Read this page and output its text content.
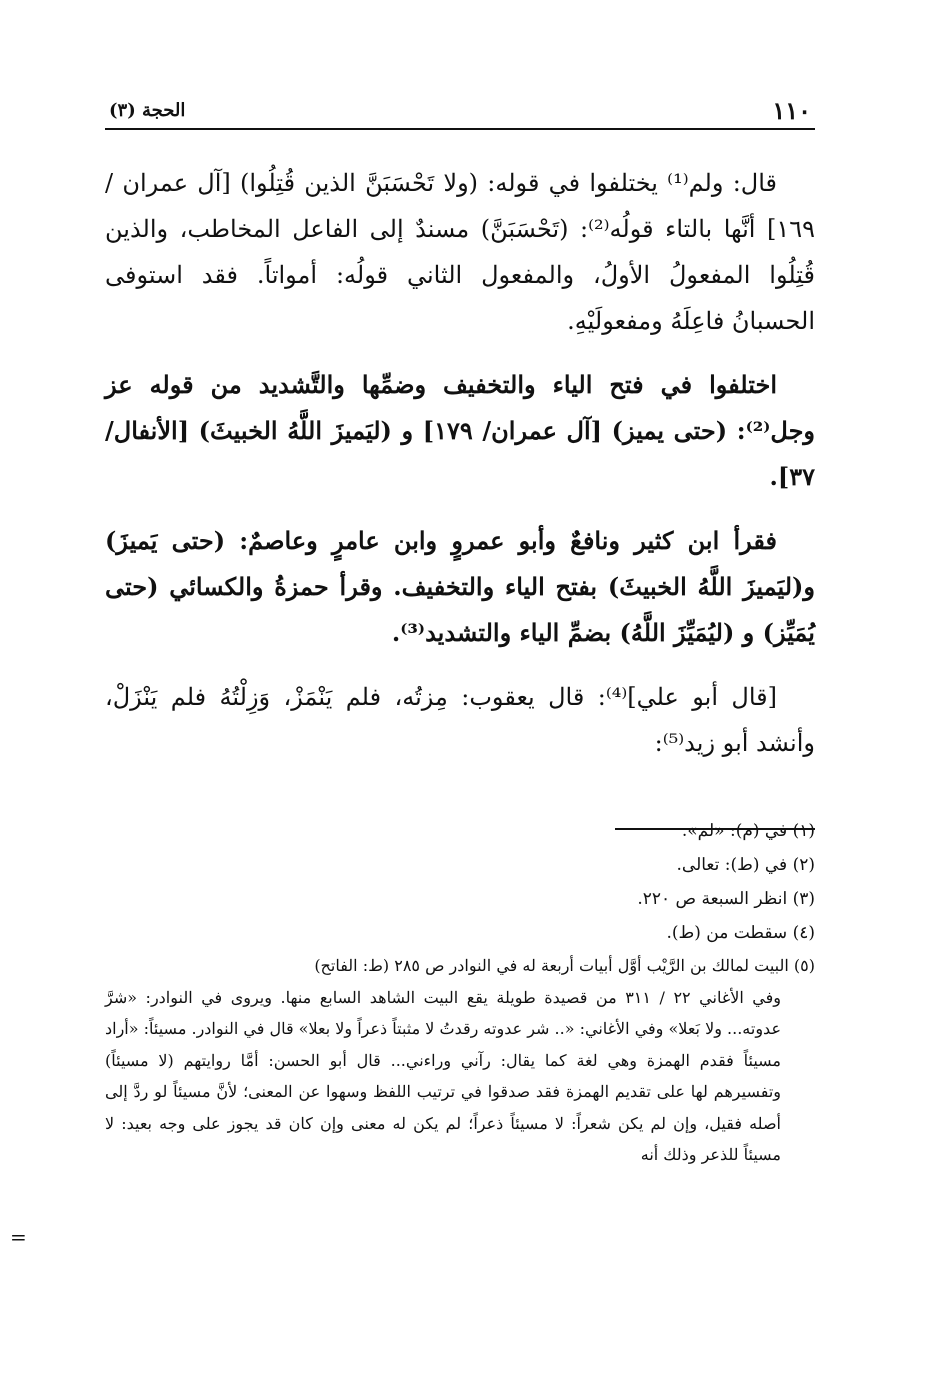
١١٠
الحجة (٣)

قال: ولم⁽¹⁾ يختلفوا في قوله: (ولا تَحْسَبَنَّ الذين قُتِلُوا) [آل عمران /١٦٩] أنَّها بالتاء قولُه⁽²⁾: (تَحْسَبَنَّ) مسندٌ إلى الفاعل المخاطب، والذين قُتِلُوا المفعولُ الأولُ، والمفعول الثاني قولُه: أمواتاً. فقد استوفى الحسبانُ فاعِلَهُ ومفعولَيْهِ.

اختلفوا في فتح الياء والتخفيف وضمِّها والتَّشديد من قوله عز وجل⁽²⁾: (حتى يميز) [آل عمران/ ١٧٩] و (ليَميزَ اللَّهُ الخبيثَ) [الأنفال/ ٣٧].

فقرأ ابن كثير ونافعٌ وأبو عمروٍ وابن عامرٍ وعاصمٌ: (حتى يَميزَ) و(ليَميزَ اللَّهُ الخبيثَ) بفتح الياء والتخفيف. وقرأ حمزةُ والكسائي (حتى يُمَيِّز) و (ليُمَيِّزَ اللَّهُ) بضمِّ الياء والتشديد⁽³⁾.

[قال أبو علي]⁽⁴⁾: قال يعقوب: مِزتُه، فلم يَنْمَزْ، وَزِلْتُهُ فلم يَنْزَلْ، وأنشد أبو زيد⁽⁵⁾:

(١) في (م): «لم».

(٢) في (ط): تعالى.

(٣) انظر السبعة ص ٢٢٠.

(٤) سقطت من (ط).

(٥) البيت لمالك بن الرَّيْب أوَّل أبيات أربعة له في النوادر ص ٢٨٥ (ط: الفاتح)
وفي الأغاني ٢٢ / ٣١١ من قصيدة طويلة يقع البيت الشاهد السابع منها. ويروى في النوادر: «شرَّ عدوته... ولا بَعلا» وفي الأغاني: «.. شر عدوته رقدتُ لا مثبتاً ذعراً ولا بعلا» قال في النوادر. مسيئاً: «أراد مسيئاً فقدم الهمزة وهي لغة كما يقال: رآني وراءني... قال أبو الحسن: أمَّا روايتهم (لا مسيئاً) وتفسيرهم لها على تقديم الهمزة فقد صدقوا في ترتيب اللفظ وسهوا عن المعنى؛ لأنَّ مسيئاً لو ردَّ إلى أصله فقيل، وإن لم يكن شعراً: لا مسيئاً ذعراً؛ لم يكن له معنى وإن كان قد يجوز على وجه بعيد: لا مسيئاً للذعر وذلك أنه

=
